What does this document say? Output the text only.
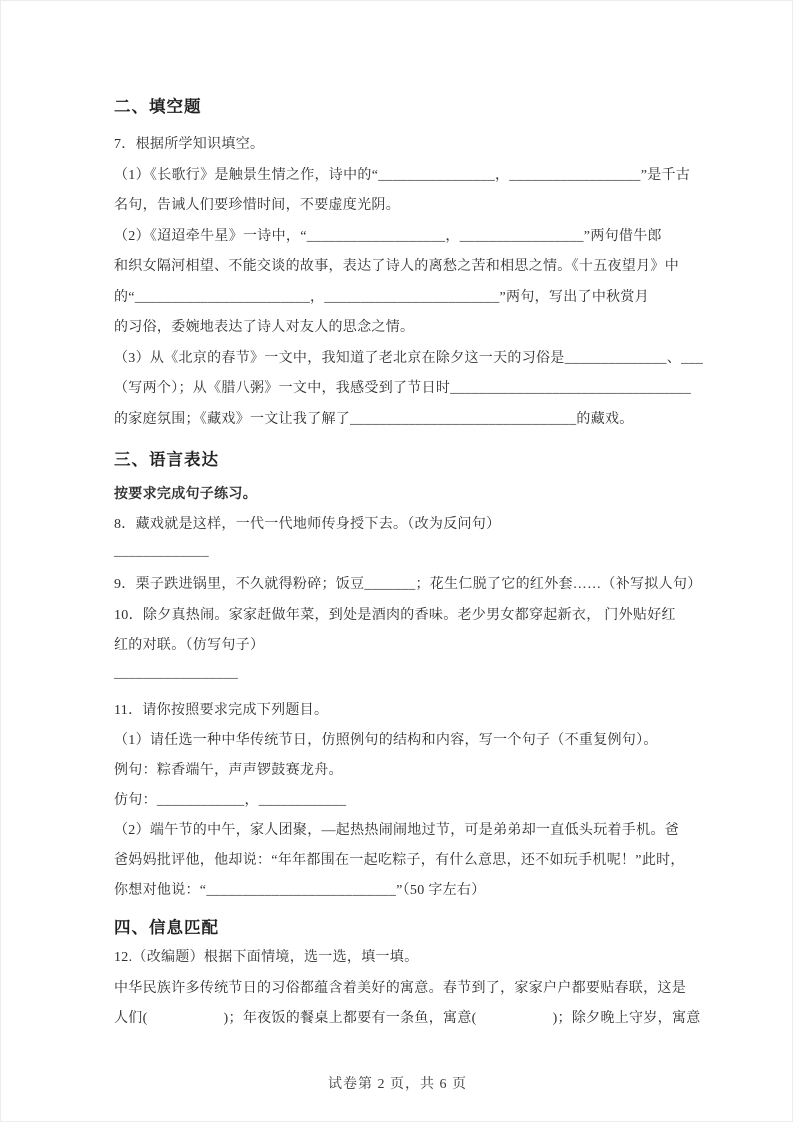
二、填空题
7．根据所学知识填空。
（1）《长歌行》是触景生情之作，诗中的“________________，__________________”是千古
名句，告诫人们要珍惜时间，不要虚度光阴。
（2）《迢迢牵牛星》一诗中，“___________________，_________________”两句借牛郎
和织女隔河相望、不能交谈的故事，表达了诗人的离愁之苦和相思之情。《十五夜望月》中
的“________________________，________________________”两句，写出了中秋赏月
的习俗，委婉地表达了诗人对友人的思念之情。
（3）从《北京的春节》一文中，我知道了老北京在除夕这一天的习俗是______________、___
（写两个）；从《腊八粥》一文中，我感受到了节日时_________________________________
的家庭氛围；《藏戏》一文让我了解了_______________________________的藏戏。
三、语言表达
按要求完成句子练习。
8．藏戏就是这样，一代一代地师传身授下去。（改为反问句）
_____________
9．栗子跌进锅里，不久就得粉碎；饭豆_______；花生仁脱了它的红外套……（补写拟人句）
10．除夕真热闹。家家赶做年菜，到处是酒肉的香味。老少男女都穿起新衣， 门外贴好红
红的对联。（仿写句子）
_________________
11．请你按照要求完成下列题目。
（1）请任选一种中华传统节日，仿照例句的结构和内容，写一个句子（不重复例句）。
例句：粽香端午，声声锣鼓赛龙舟。
仿句：____________，____________
（2）端午节的中午，家人团聚，—起热热闹闹地过节，可是弟弟却一直低头玩着手机。爸
爸妈妈批评他，他却说：“年年都围在一起吃粽子，有什么意思，还不如玩手机呢！”此时，
你想对他说：“__________________________”（50 字左右）
四、信息匹配
12.（改编题）根据下面情境，选一选，填一填。
中华民族许多传统节日的习俗都蕴含着美好的寓意。春节到了，家家户户都要贴春联，这是
人们(                    )；年夜饭的餐桌上都要有一条鱼，寓意(                    )；除夕晚上守岁，寓意
试卷第 2 页，共 6 页
